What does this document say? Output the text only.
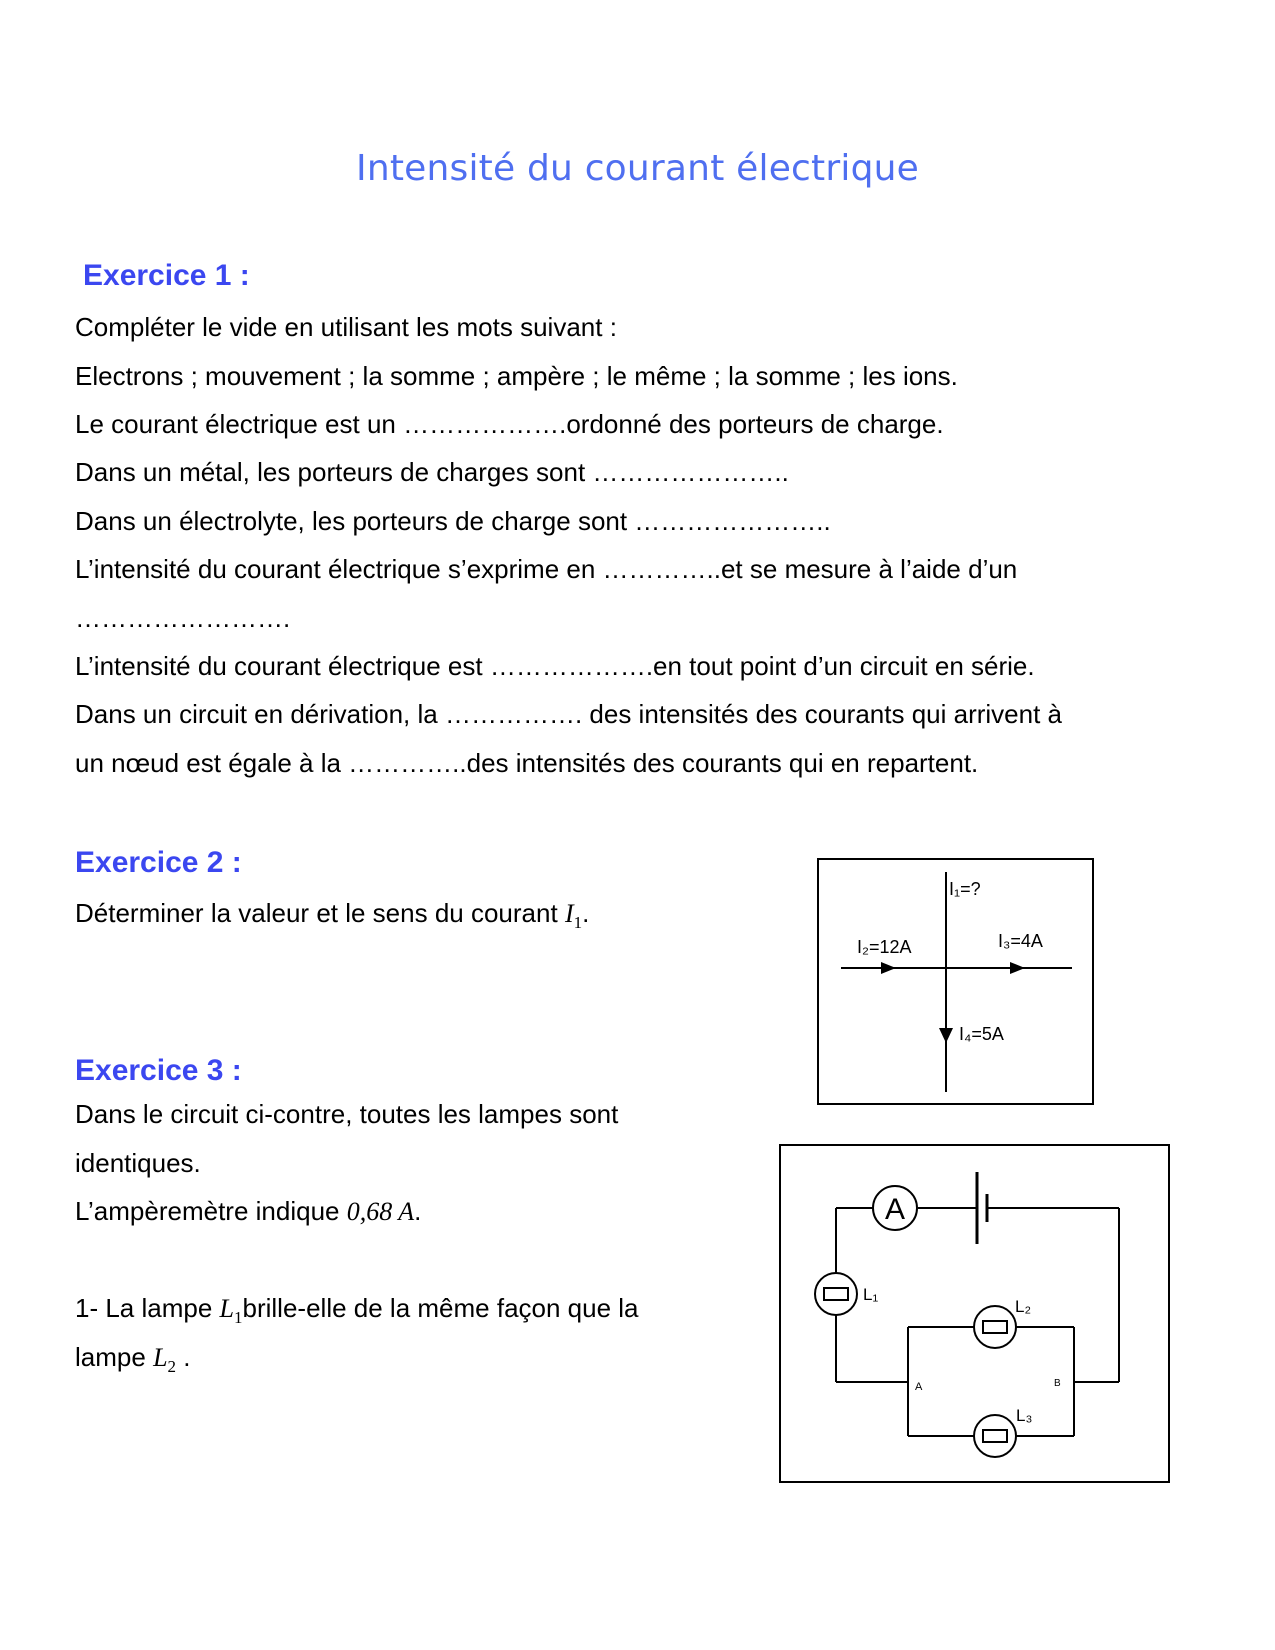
Intensité du courant électrique
Exercice 1 :

Compléter le vide en utilisant les mots suivant :

Electrons ; mouvement ; la somme ; ampère ; le même ; la somme ; les ions.

Le courant électrique est un ……………….ordonné des porteurs de charge.

Dans un métal, les porteurs de charges sont …………………..

Dans un électrolyte, les porteurs de charge sont …………………..

L’intensité du courant électrique s’exprime en …………..et se mesure à l’aide d’un

…………………….

L’intensité du courant électrique est ……………….en tout point d’un circuit en série.

Dans un circuit en dérivation, la ……………. des intensités des courants qui arrivent à

un nœud est égale à la …………..des intensités des courants qui en repartent.

Exercice 2 :

Déterminer la valeur et le sens du courant $I_1$.

I₁=?
I₂=12A	I₃=4A
I₄=5A
Exercice 3 :

Dans le circuit ci-contre, toutes les lampes sont

identiques.

L’ampèremètre indique 0,68 A.

1- La lampe $L_1brille$-elle de la même façon que la

lampe $L_2$ .

A
L₁
L₂
L₃
A	B
